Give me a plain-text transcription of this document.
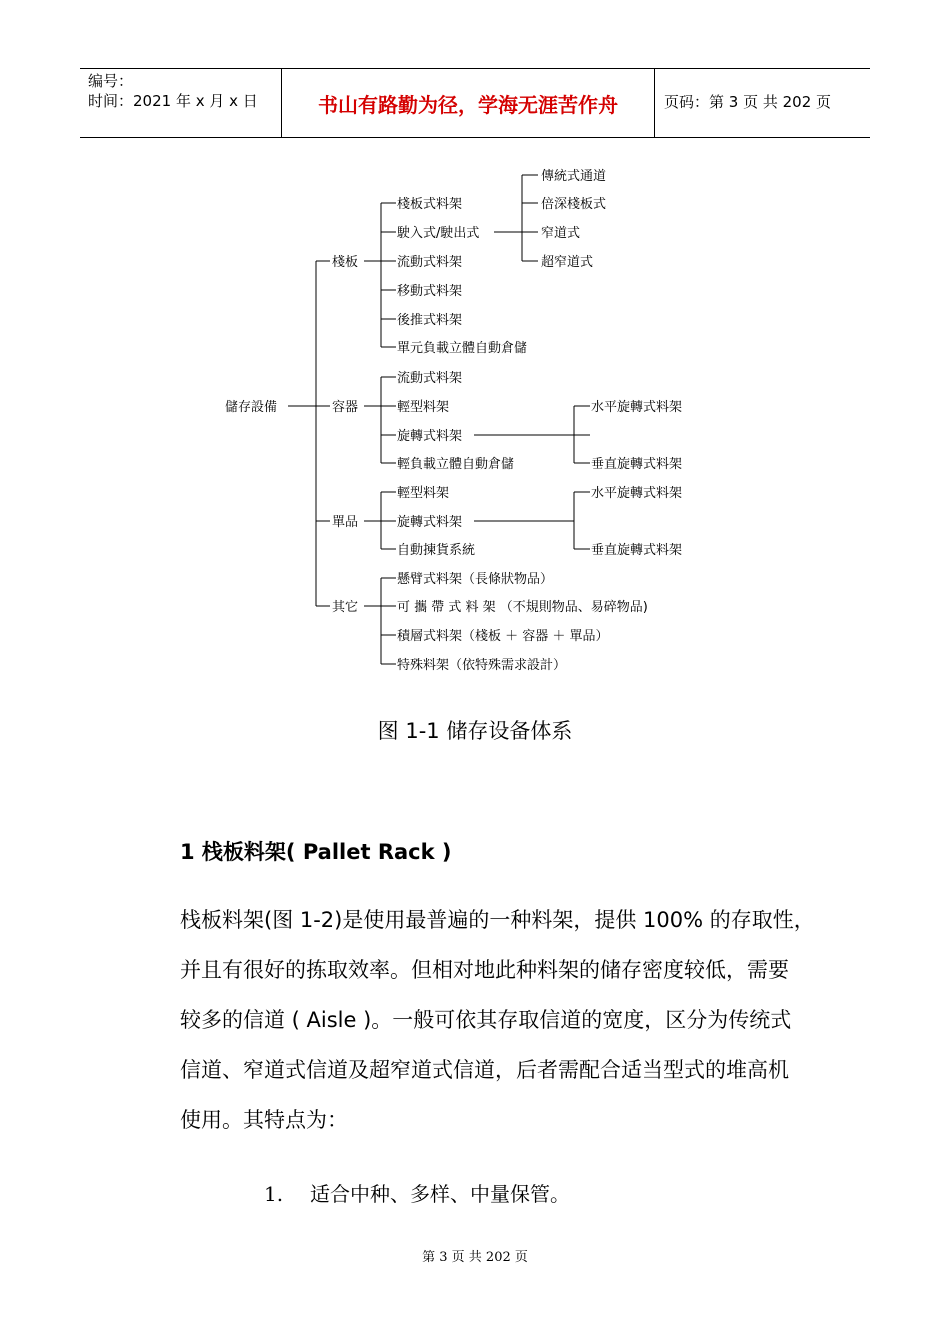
编号：
时间：2021 年 x 月 x 日	书山有路勤为径，学海无涯苦作舟	页码：第 3 页 共 202 页
儲存設備
棧板
棧板式料架
駛入式/駛出式
流動式料架
移動式料架
後推式料架
單元負載立體自動倉儲
傳統式通道
倍深棧板式
窄道式
超窄道式
容器
流動式料架
輕型料架
旋轉式料架
輕負載立體自動倉儲
水平旋轉式料架
垂直旋轉式料架
單品
輕型料架
旋轉式料架
自動揀貨系統
水平旋轉式料架
垂直旋轉式料架
其它
懸臂式料架（長條狀物品）
可 攜 帶 式 料 架 （不規則物品、易碎物品)
積層式料架（棧板 ＋ 容器 ＋ 單品）
特殊料架（依特殊需求設計）
图 1-1 储存设备体系
1 栈板料架( Pallet Rack )
栈板料架(图 1-2)是使用最普遍的一种料架，提供 100% 的存取性，
并且有很好的拣取效率。但相对地此种料架的储存密度较低，需要
较多的信道 ( Aisle )。一般可依其存取信道的宽度，区分为传统式
信道、窄道式信道及超窄道式信道，后者需配合适当型式的堆高机
使用。其特点为：
1. 适合中种、多样、中量保管。
第 3 页 共 202 页
